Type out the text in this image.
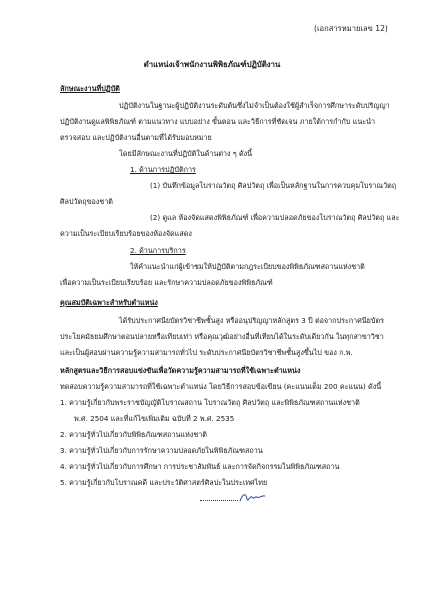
(เอกสารหมายเลข 12)
ตำแหน่งเจ้าพนักงานพิพิธภัณฑ์ปฏิบัติงาน
ลักษณะงานที่ปฏิบัติ
ปฏิบัติงานในฐานะผู้ปฏิบัติงานระดับต้นซึ่งไม่จำเป็นต้องใช้ผู้สำเร็จการศึกษาระดับปริญญา
ปฏิบัติงานดูแลพิพิธภัณฑ์ ตามแนวทาง แบบอย่าง ขั้นตอน และวิธีการที่ชัดเจน ภายใต้การกำกับ แนะนำ
ตรวจสอบ และปฏิบัติงานอื่นตามที่ได้รับมอบหมาย
โดยมีลักษณะงานที่ปฏิบัติในด้านต่าง ๆ ดังนี้
1. ด้านการปฏิบัติการ
(1) บันทึกข้อมูลโบราณวัตถุ ศิลปวัตถุ เพื่อเป็นหลักฐานในการควบคุมโบราณวัตถุ
ศิลปวัตถุของชาติ
(2) ดูแล ห้องจัดแสดงพิพิธภัณฑ์ เพื่อความปลอดภัยของโบราณวัตถุ ศิลปวัตถุ และ
ความเป็นระเบียบเรียบร้อยของห้องจัดแสดง
2. ด้านการบริการ
ให้คำแนะนำแก่ผู้เข้าชมให้ปฏิบัติตามกฎระเบียบของพิพิธภัณฑสถานแห่งชาติ
เพื่อความเป็นระเบียบเรียบร้อย และรักษาความปลอดภัยของพิพิธภัณฑ์
คุณสมบัติเฉพาะสำหรับตำแหน่ง
ได้รับประกาศนียบัตรวิชาชีพชั้นสูง หรืออนุปริญญาหลักสูตร 3 ปี ต่อจากประกาศนียบัตร
ประโยคมัธยมศึกษาตอนปลายหรือเทียบเท่า หรือคุณวุฒิอย่างอื่นที่เทียบได้ในระดับเดียวกัน ในทุกสาขาวิชา
และเป็นผู้สอบผ่านความรู้ความสามารถทั่วไป ระดับประกาศนียบัตรวิชาชีพชั้นสูงขึ้นไป ของ ก.พ.
หลักสูตรและวิธีการสอบแข่งขันเพื่อวัดความรู้ความสามารถที่ใช้เฉพาะตำแหน่ง
ทดสอบความรู้ความสามารถที่ใช้เฉพาะตำแหน่ง โดยวิธีการสอบข้อเขียน (คะแนนเต็ม 200 คะแนน) ดังนี้
1. ความรู้เกี่ยวกับพระราชบัญญัติโบราณสถาน โบราณวัตถุ ศิลปวัตถุ และพิพิธภัณฑสถานแห่งชาติ
พ.ศ. 2504 และที่แก้ไขเพิ่มเติม ฉบับที่ 2 พ.ศ. 2535
2. ความรู้ทั่วไปเกี่ยวกับพิพิธภัณฑสถานแห่งชาติ
3. ความรู้ทั่วไปเกี่ยวกับการรักษาความปลอดภัยในพิพิธภัณฑสถาน
4. ความรู้ทั่วไปเกี่ยวกับการศึกษา การประชาสัมพันธ์ และการจัดกิจกรรมในพิพิธภัณฑสถาน
5. ความรู้เกี่ยวกับโบราณคดี และประวัติศาสตร์ศิลปะในประเทศไทย
